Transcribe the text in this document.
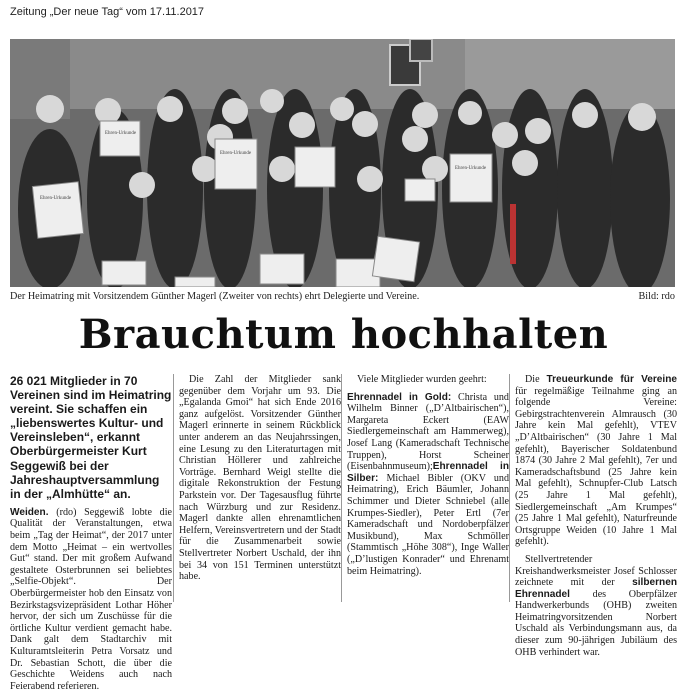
Zeitung „Der neue Tag“ vom 17.11.2017
Ehren-Urkunde
Ehren-Urkunde
Ehren-Urkunde
Ehren-Urkunde
Der Heimatring mit Vorsitzendem Günther Magerl (Zweiter von rechts) ehrt Delegierte und Vereine.	Bild: rdo
Brauchtum hochhalten

26 021 Mitglieder in 70 Vereinen sind im Heimatring vereint. Sie schaffen ein „liebenswertes Kultur- und Vereinsleben“, erkannt Oberbürgermeister Kurt Seggewiß bei der Jahreshauptversammlung in der „Almhütte“ an.

Weiden. (rdo) Seggewiß lobte die Qualität der Veranstaltungen, etwa beim „Tag der Heimat“, der 2017 unter dem Motto „Heimat – ein wertvolles Gut“ stand. Der mit großem Aufwand gestaltete Osterbrunnen sei beliebtes „Selfie-Objekt“. Der Oberbürgermeister hob den Einsatz von Bezirkstagsvizepräsident Lothar Höher hervor, der sich um Zuschüsse für die örtliche Kultur verdient gemacht habe. Dank galt dem Stadtarchiv mit Kulturamtsleiterin Petra Vorsatz und Dr. Sebastian Schott, die über die Geschichte Weidens auch nach Feierabend referieren.

Die Zahl der Mitglieder sank gegenüber dem Vorjahr um 93. Die „Egalanda Gmoi“ hat sich Ende 2016 ganz aufgelöst. Vorsitzender Günther Magerl erinnerte in seinem Rückblick unter anderem an das Neujahrssingen, eine Lesung zu den Literaturtagen mit Christian Höllerer und zahlreiche Vorträge. Bernhard Weigl stellte die digitale Rekonstruktion der Festung Parkstein vor. Der Tagesausflug führte nach Würzburg und zur Residenz. Magerl dankte allen ehrenamtlichen Helfern, Vereinsvertretern und der Stadt für die Zusammenarbeit sowie Stellvertreter Norbert Uschald, der ihn bei 34 von 151 Terminen unterstützt habe.

Viele Mitglieder wurden geehrt:

Ehrennadel in Gold: Christa und Wilhelm Binner („D’Altbairischen“), Margareta Eckert (EAW Siedlergemeinschaft am Hammerweg), Josef Lang (Kameradschaft Technische Truppen), Horst Scheiner (Eisenbahnmuseum);Ehrennadel in Silber: Michael Bibler (OKV und Heimatring), Erich Bäumler, Johann Schimmer und Dieter Schniebel (alle Krumpes-Siedler), Peter Ertl (7er Kameradschaft und Nordoberpfälzer Musikbund), Max Schmöller (Stammtisch „Höhe 308“), Inge Waller („D’lustigen Konrader“ und Ehrenamt beim Heimatring).

Die Treueurkunde für Vereine für regelmäßige Teilnahme ging an folgende Vereine: Gebirgstrachtenverein Almrausch (30 Jahre kein Mal gefehlt), VTEV „D’Altbairischen“ (30 Jahre 1 Mal gefehlt), Bayerischer Soldatenbund 1874 (30 Jahre 2 Mal gefehlt), 7er und Kameradschaftsbund (25 Jahre kein Mal gefehlt), Schnupfer-Club Latsch (25 Jahre 1 Mal gefehlt), Siedlergemeinschaft „Am Krumpes“ (25 Jahre 1 Mal gefehlt), Naturfreunde Ortsgruppe Weiden (10 Jahre 1 Mal gefehlt).

Stellvertretender Kreishandwerksmeister Josef Schlosser zeichnete mit der silbernen Ehrennadel des Oberpfälzer Handwerkerbunds (OHB) zweiten Heimatringvorsitzenden Norbert Uschald als Verbindungsmann aus, da dieser zum 90-jährigen Jubiläum des OHB verhindert war.
